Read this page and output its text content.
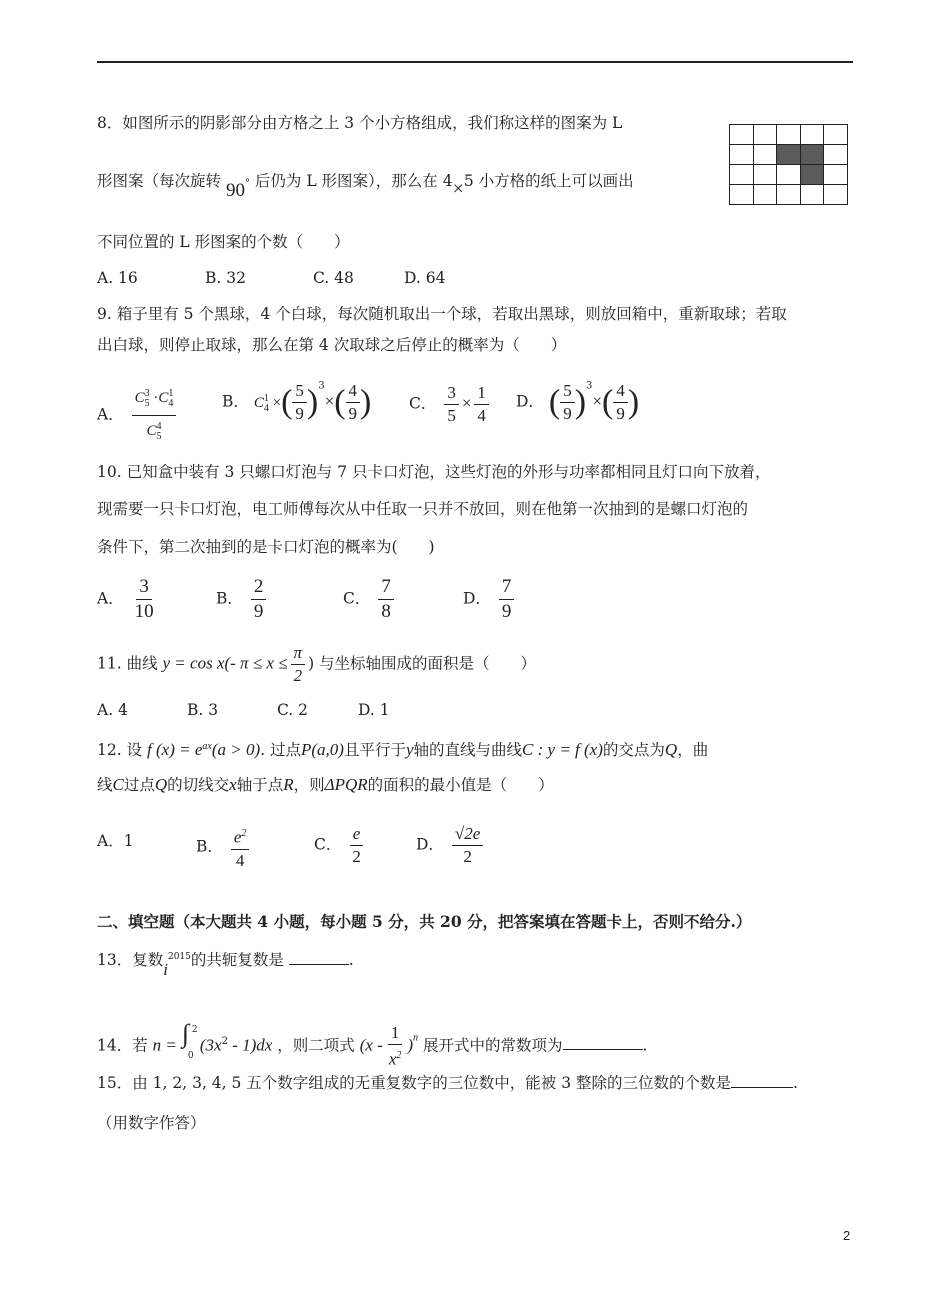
8．如图所示的阴影部分由方格之上 3 个小方格组成，我们称这样的图案为 L
形图案（每次旋转 90° 后仍为 L 形图案），那么在 4×5 小方格的纸上可以画出

不同位置的 L 形图案的个数（　　）
A. 16	B. 32	C. 48	D. 64
9. 箱子里有 5 个黑球，4 个白球，每次随机取出一个球，若取出黑球，则放回箱中，重新取球；若取
出白球，则停止取球，那么在第 4 次取球之后停止的概率为（　　）
A． $\frac{C^3_5 \cdot C^1_4}{C^4_5}$	B． $C^1_4$ ×( $\frac{5}{9} )^3\times( \frac{4}{9}$ ) C． $\frac{3}{5} \times \frac{1}{4}$ D． ( $\frac{5}{9} )^3\times( \frac{4}{9}$ )
10. 已知盒中装有 3 只螺口灯泡与 7 只卡口灯泡，这些灯泡的外形与功率都相同且灯口向下放着，
现需要一只卡口灯泡，电工师傅每次从中任取一只并不放回，则在他第一次抽到的是螺口灯泡的
条件下，第二次抽到的是卡口灯泡的概率为(　　)
A． $\frac{3}{10}$	B． $\frac{2}{9}$	C． $\frac{7}{8}$	D． $\frac{7}{9}$
11. 曲线 y = cos x(- $\pi \le x \le \frac{\pi}{2}$ ) 与坐标轴围成的面积是（　　）
A. 4	B. 3	C. 2	D. 1
12. 设 f $(x) = e^{ax}(a > 0)$. 过点P(a,0)且平行于y轴的直线与曲线C : y = f (x)的交点为Q，曲
线C过点Q的切线交x轴于点R，则ΔPQR的面积的最小值是（　　）
A．1	B． $\frac{e^2}{4}$	C． $\frac{e}{2}$	D． $\frac{√2e}{2}$
二、填空题（本大题共 4 小题，每小题 5 分，共 20 分，把答案填在答题卡上，否则不给分.）
13．复数$i^{2015}$的共轭复数是	.
14．若 n = ∫ 2
0
$(3x^2 - 1)dx$ ，则二项式 $(x - \frac{1}{x^2} )^n$ 展开式中的常数项为	.
15．由 1, 2, 3, 4, 5 五个数字组成的无重复数字的三位数中，能被 3 整除的三位数的个数是	.
（用数字作答）
2
